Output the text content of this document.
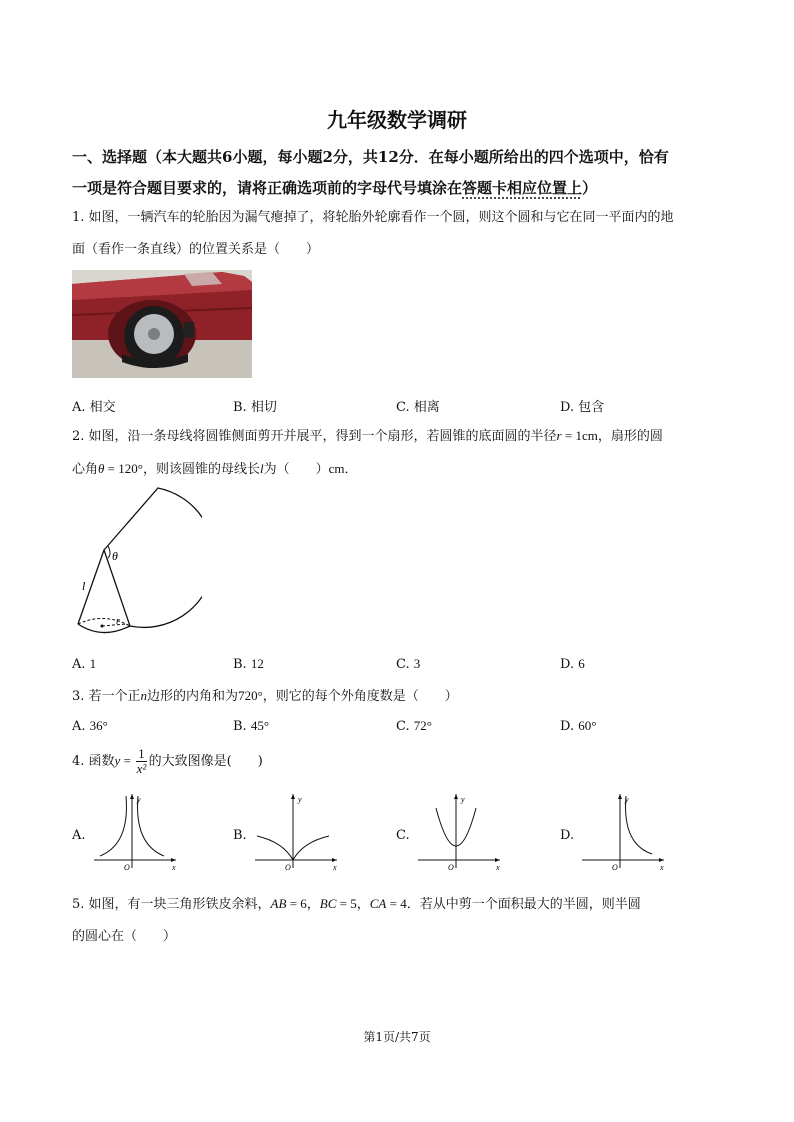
九年级数学调研
一、选择题（本大题共6小题，每小题2分，共12分．在每小题所给出的四个选项中，恰有
一项是符合题目要求的，请将正确选项前的字母代号填涂在答题卡相应位置上）
1. 如图，一辆汽车的轮胎因为漏气瘪掉了，将轮胎外轮廓看作一个圆，则这个圆和与它在同一平面内的地
面（看作一条直线）的位置关系是（　　）
A. 相交	B. 相切	C. 相离	D. 包含
2. 如图，沿一条母线将圆锥侧面剪开并展平，得到一个扇形，若圆锥的底面圆的半径r = 1cm，扇形的圆
心角θ = 120°，则该圆锥的母线长l为（　　）cm．
θ
l
r
A. 1	B. 12	C. 3	D. 6
3. 若一个正n边形的内角和为720°，则它的每个外角度数是（　　）
A. 36°	B. 45°	C. 72°	D. 60°
4. 函数$y = \frac{1}{\text{x²}}$ 的大致图像是(　　)
A.	B.	C.	D.
y
x
O
y
x
O
y
x
O
y
x
O
5. 如图，有一块三角形铁皮余料，AB = 6，BC = 5，CA = 4．若从中剪一个面积最大的半圆，则半圆
的圆心在（　　）
第1页/共7页
